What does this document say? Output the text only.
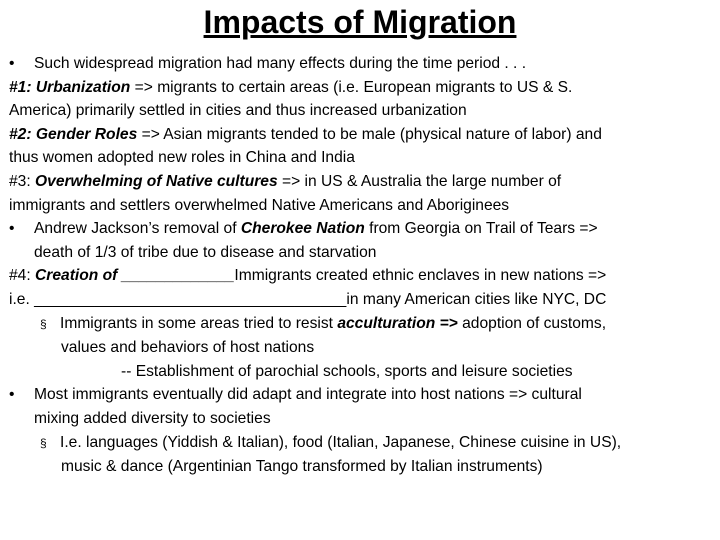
Impacts of Migration
• Such widespread migration had many effects during the time period . . .
#1: Urbanization => migrants to certain areas (i.e. European migrants to US & S.
America) primarily settled in cities and thus increased urbanization
#2: Gender Roles => Asian migrants tended to be male (physical nature of labor) and
thus women adopted new roles in China and India
#3: Overwhelming of Native cultures => in US & Australia the large number of
immigrants and settlers overwhelmed Native Americans and Aboriginees
• Andrew Jackson’s removal of Cherokee Nation from Georgia on Trail of Tears =>
death of 1/3 of tribe due to disease and starvation
#4: Creation of _____________Immigrants created ethnic enclaves in new nations =>
i.e. ____________________________________in many American cities like NYC, DC
§ Immigrants in some areas tried to resist acculturation => adoption of customs,
values and behaviors of host nations
-- Establishment of parochial schools, sports and leisure societies
• Most immigrants eventually did adapt and integrate into host nations => cultural
mixing added diversity to societies
§ I.e. languages (Yiddish & Italian), food (Italian, Japanese, Chinese cuisine in US),
music & dance (Argentinian Tango transformed by Italian instruments)
